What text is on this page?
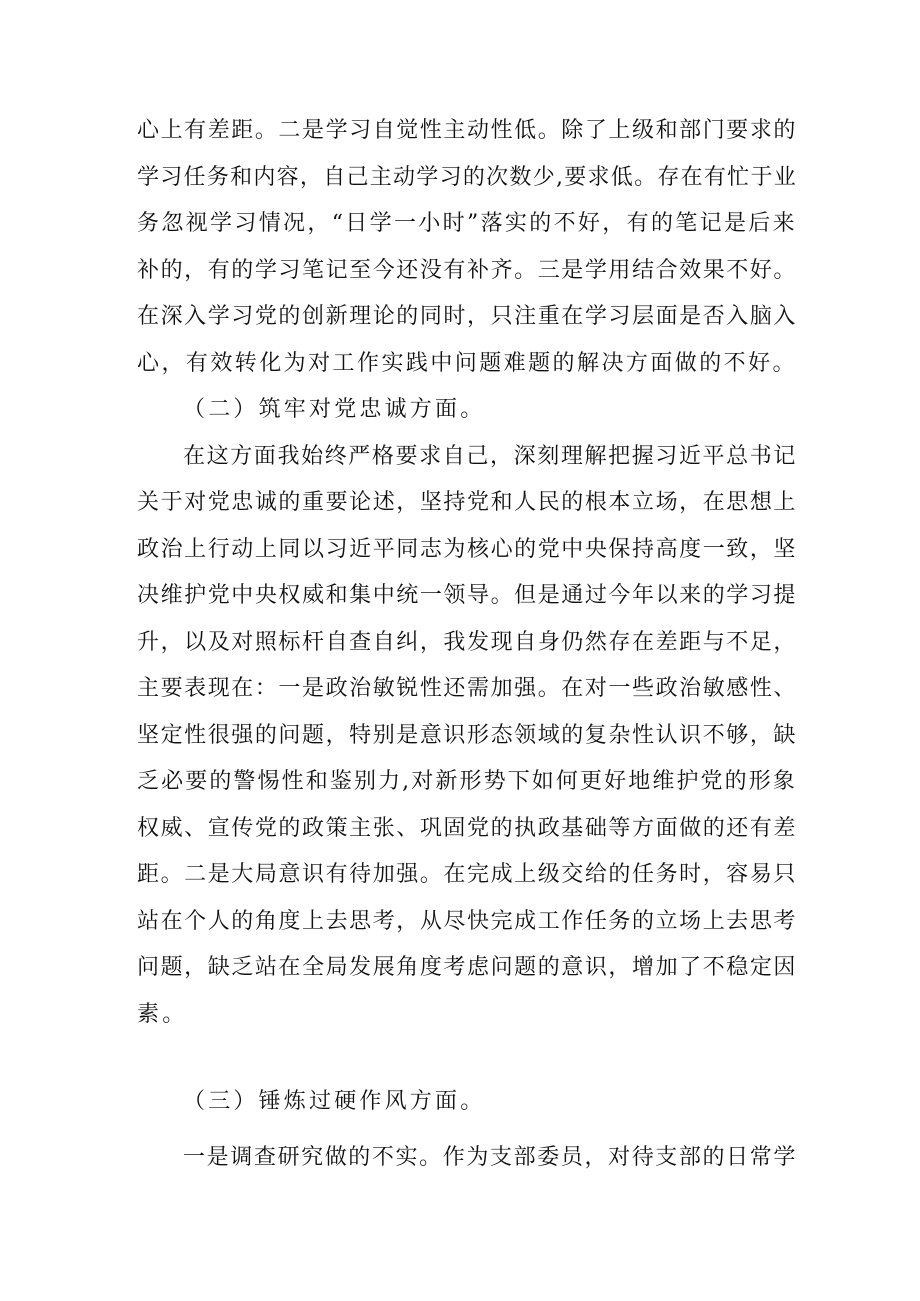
心上有差距。二是学习自觉性主动性低。除了上级和部门要求的
学习任务和内容，自己主动学习的次数少,要求低。存在有忙于业
务忽视学习情况，“日学一小时”落实的不好，有的笔记是后来
补的，有的学习笔记至今还没有补齐。三是学用结合效果不好。
在深入学习党的创新理论的同时，只注重在学习层面是否入脑入
心，有效转化为对工作实践中问题难题的解决方面做的不好。
（二）筑牢对党忠诚方面。
在这方面我始终严格要求自己，深刻理解把握习近平总书记
关于对党忠诚的重要论述，坚持党和人民的根本立场，在思想上
政治上行动上同以习近平同志为核心的党中央保持高度一致，坚
决维护党中央权威和集中统一领导。但是通过今年以来的学习提
升，以及对照标杆自查自纠，我发现自身仍然存在差距与不足，
主要表现在：一是政治敏锐性还需加强。在对一些政治敏感性、
坚定性很强的问题，特别是意识形态领域的复杂性认识不够，缺
乏必要的警惕性和鉴别力,对新形势下如何更好地维护党的形象
权威、宣传党的政策主张、巩固党的执政基础等方面做的还有差
距。二是大局意识有待加强。在完成上级交给的任务时，容易只
站在个人的角度上去思考，从尽快完成工作任务的立场上去思考
问题，缺乏站在全局发展角度考虑问题的意识，增加了不稳定因
素。
（三）锤炼过硬作风方面。
一是调查研究做的不实。作为支部委员，对待支部的日常学
